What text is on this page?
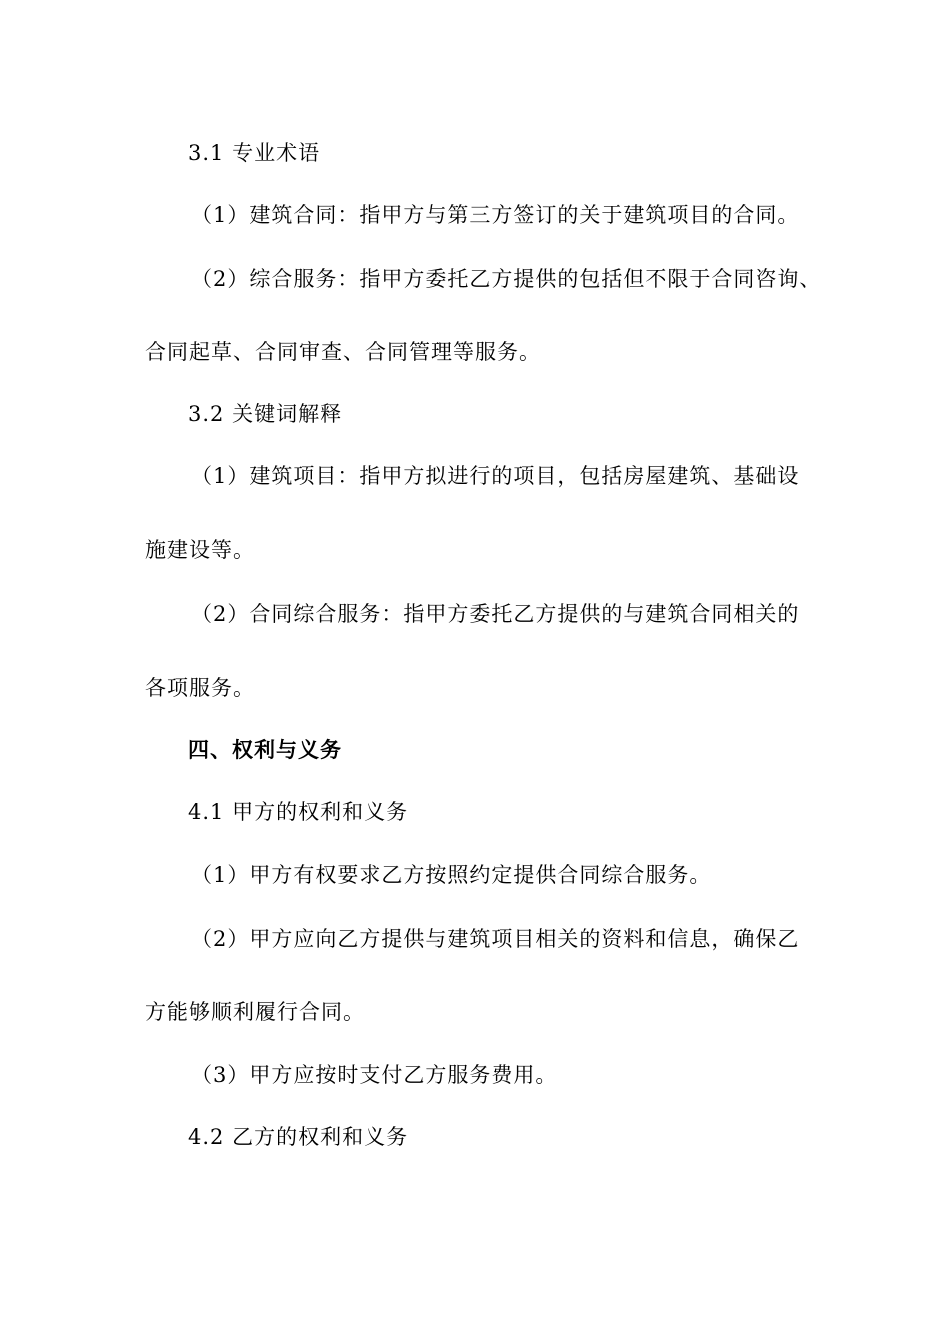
3.1 专业术语
（1）建筑合同：指甲方与第三方签订的关于建筑项目的合同。
（2）综合服务：指甲方委托乙方提供的包括但不限于合同咨询、
合同起草、合同审查、合同管理等服务。
3.2 关键词解释
（1）建筑项目：指甲方拟进行的项目，包括房屋建筑、基础设
施建设等。
（2）合同综合服务：指甲方委托乙方提供的与建筑合同相关的
各项服务。
四、权利与义务
4.1 甲方的权利和义务
（1）甲方有权要求乙方按照约定提供合同综合服务。
（2）甲方应向乙方提供与建筑项目相关的资料和信息，确保乙
方能够顺利履行合同。
（3）甲方应按时支付乙方服务费用。
4.2 乙方的权利和义务
